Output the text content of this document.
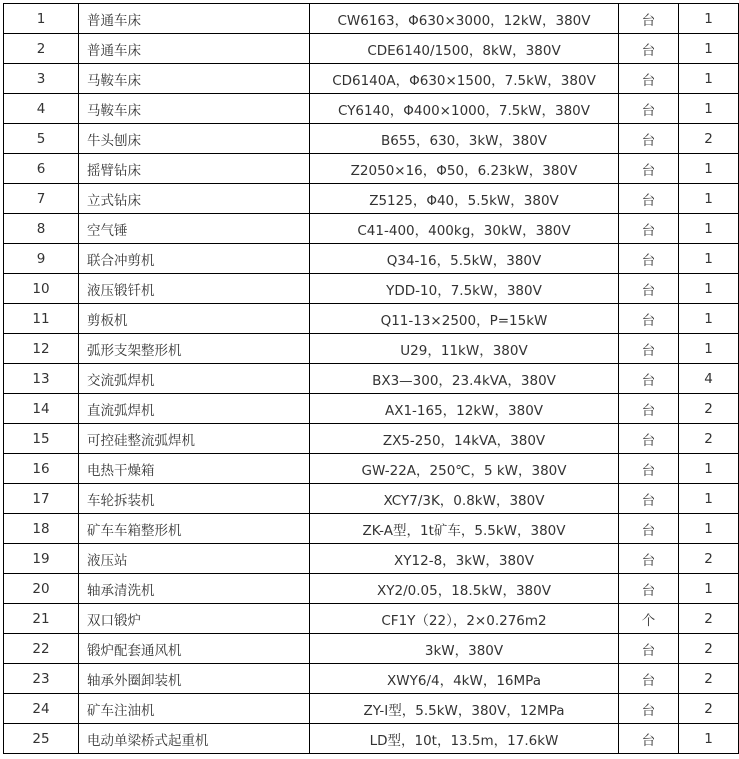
1	普通车床	CW6163，Φ630×3000，12kW，380V	台	1
2	普通车床	CDE6140/1500，8kW，380V	台	1
3	马鞍车床	CD6140A，Φ630×1500，7.5kW，380V	台	1
4	马鞍车床	CY6140，Φ400×1000，7.5kW，380V	台	1
5	牛头刨床	B655，630，3kW，380V	台	2
6	摇臂钻床	Z2050×16，Φ50，6.23kW，380V	台	1
7	立式钻床	Z5125，Φ40，5.5kW，380V	台	1
8	空气锤	C41-400，400kg，30kW，380V	台	1
9	联合冲剪机	Q34-16，5.5kW，380V	台	1
10	液压锻钎机	YDD-10，7.5kW，380V	台	1
11	剪板机	Q11-13×2500，P=15kW	台	1
12	弧形支架整形机	U29，11kW，380V	台	1
13	交流弧焊机	BX3—300，23.4kVA，380V	台	4
14	直流弧焊机	AX1-165，12kW，380V	台	2
15	可控硅整流弧焊机	ZX5-250，14kVA，380V	台	2
16	电热干燥箱	GW-22A，250℃，5 kW，380V	台	1
17	车轮拆装机	XCY7/3K，0.8kW，380V	台	1
18	矿车车箱整形机	ZK-A型，1t矿车，5.5kW，380V	台	1
19	液压站	XY12-8，3kW，380V	台	2
20	轴承清洗机	XY2/0.05，18.5kW，380V	台	1
21	双口锻炉	CF1Y（22），2×0.276m2	个	2
22	锻炉配套通风机	3kW，380V	台	2
23	轴承外圈卸装机	XWY6/4，4kW，16MPa	台	2
24	矿车注油机	ZY-I型，5.5kW，380V，12MPa	台	2
25	电动单梁桥式起重机	LD型，10t，13.5m，17.6kW	台	1
